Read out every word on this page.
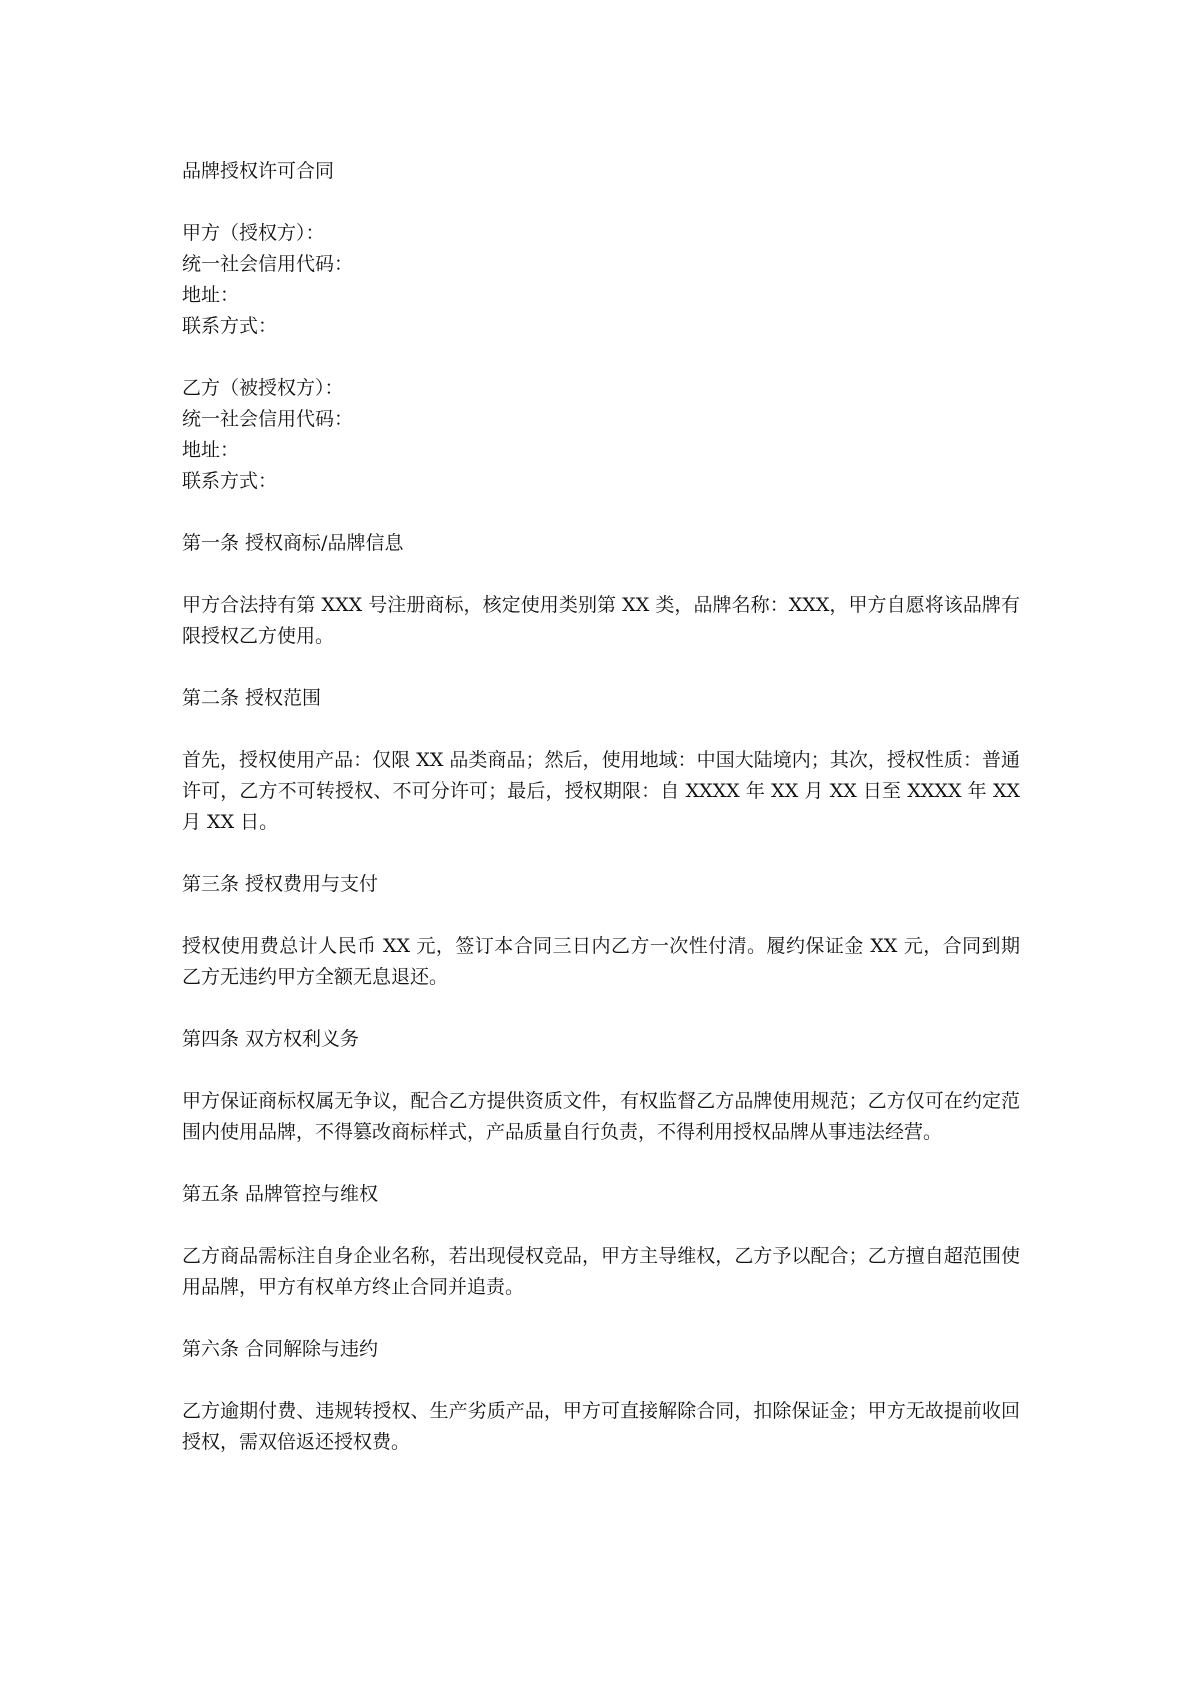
品牌授权许可合同

甲方（授权方）：

统一社会信用代码：

地址：

联系方式：

乙方（被授权方）：

统一社会信用代码：

地址：

联系方式：

第一条 授权商标/品牌信息

甲方合法持有第 XXX 号注册商标，核定使用类别第 XX 类，品牌名称：XXX，甲方自愿将该品牌有限授权乙方使用。

第二条 授权范围

首先，授权使用产品：仅限 XX 品类商品；然后，使用地域：中国大陆境内；其次，授权性质：普通许可，乙方不可转授权、不可分许可；最后，授权期限：自 XXXX 年 XX 月 XX 日至 XXXX 年 XX 月 XX 日。

第三条 授权费用与支付

授权使用费总计人民币 XX 元，签订本合同三日内乙方一次性付清。履约保证金 XX 元，合同到期乙方无违约甲方全额无息退还。

第四条 双方权利义务

甲方保证商标权属无争议，配合乙方提供资质文件，有权监督乙方品牌使用规范；乙方仅可在约定范围内使用品牌，不得篡改商标样式，产品质量自行负责，不得利用授权品牌从事违法经营。

第五条 品牌管控与维权

乙方商品需标注自身企业名称，若出现侵权竞品，甲方主导维权，乙方予以配合；乙方擅自超范围使用品牌，甲方有权单方终止合同并追责。

第六条 合同解除与违约

乙方逾期付费、违规转授权、生产劣质产品，甲方可直接解除合同，扣除保证金；甲方无故提前收回授权，需双倍返还授权费。
